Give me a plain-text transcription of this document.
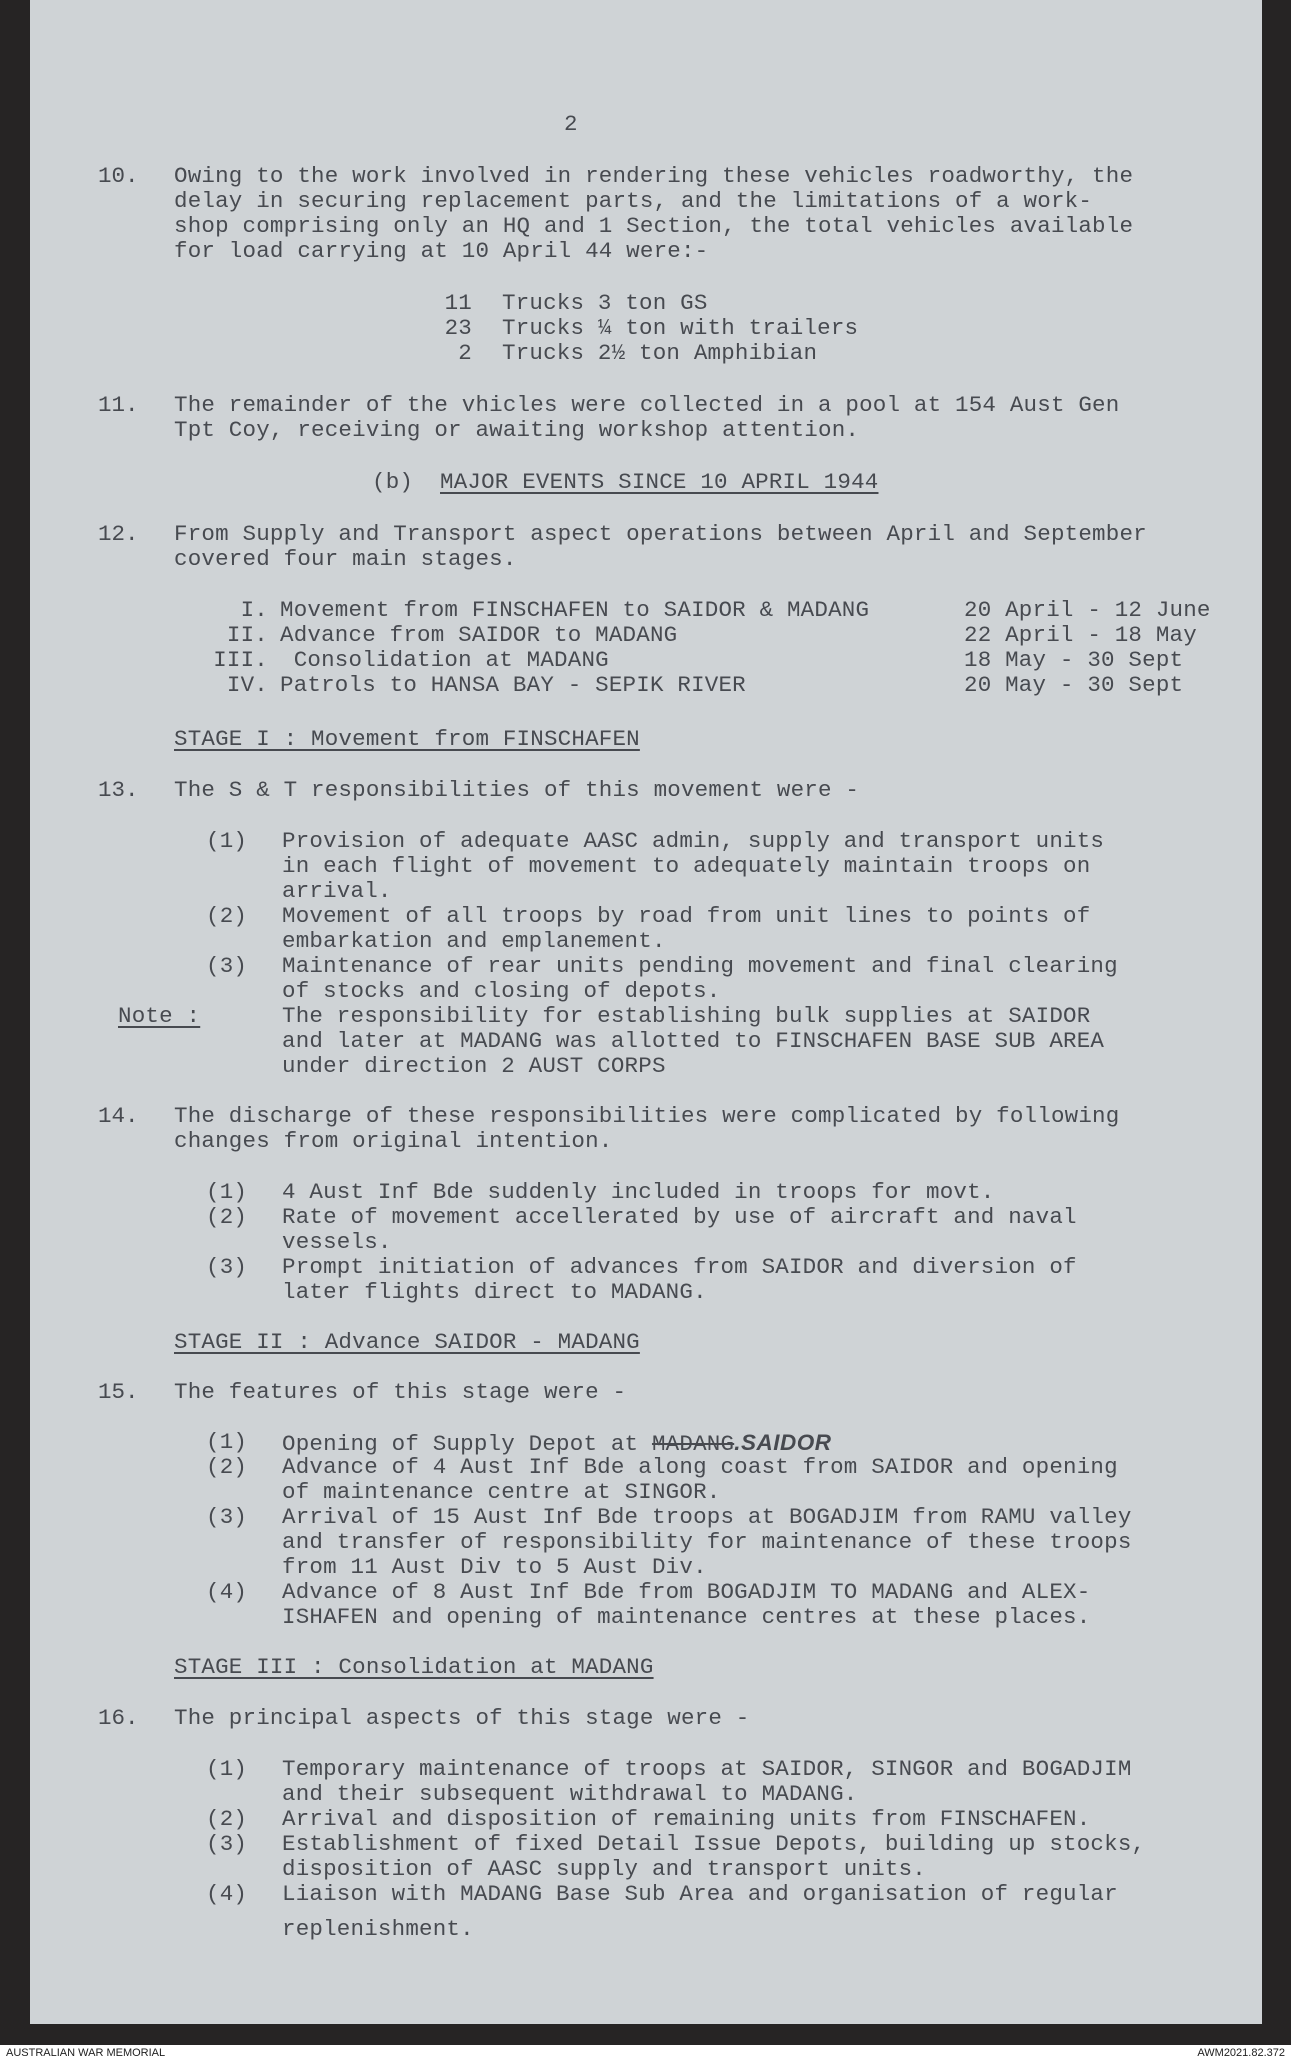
2
10. Owing to the work involved in rendering these vehicles roadworthy, the
delay in securing replacement parts, and the limitations of a work-
shop comprising only an HQ and 1 Section, the total vehicles available
for load carrying at 10 April 44 were:-
11 Trucks 3 ton GS
23 Trucks ¼ ton with trailers
2 Trucks 2½ ton Amphibian
11. The remainder of the vhicles were collected in a pool at 154 Aust Gen
Tpt Coy, receiving or awaiting workshop attention.
(b) MAJOR EVENTS SINCE 10 APRIL 1944
12. From Supply and Transport aspect operations between April and September
covered four main stages.
I. Movement from FINSCHAFEN to SAIDOR & MADANG	20 April - 12 June
II. Advance from SAIDOR to MADANG	22 April - 18 May
III. Consolidation at MADANG	18 May - 30 Sept
IV. Patrols to HANSA BAY - SEPIK RIVER	20 May - 30 Sept
STAGE I : Movement from FINSCHAFEN
13. The S & T responsibilities of this movement were -
(1) Provision of adequate AASC admin, supply and transport units
in each flight of movement to adequately maintain troops on
arrival.
(2) Movement of all troops by road from unit lines to points of
embarkation and emplanement.
(3) Maintenance of rear units pending movement and final clearing
of stocks and closing of depots.
Note :	The responsibility for establishing bulk supplies at SAIDOR
and later at MADANG was allotted to FINSCHAFEN BASE SUB AREA
under direction 2 AUST CORPS
14. The discharge of these responsibilities were complicated by following
changes from original intention.
(1) 4 Aust Inf Bde suddenly included in troops for movt.
(2) Rate of movement accellerated by use of aircraft and naval
vessels.
(3) Prompt initiation of advances from SAIDOR and diversion of
later flights direct to MADANG.
STAGE II : Advance SAIDOR - MADANG
15. The features of this stage were -
(1) Opening of Supply Depot at MADANG.SAIDOR
(2) Advance of 4 Aust Inf Bde along coast from SAIDOR and opening
of maintenance centre at SINGOR.
(3) Arrival of 15 Aust Inf Bde troops at BOGADJIM from RAMU valley
and transfer of responsibility for maintenance of these troops
from 11 Aust Div to 5 Aust Div.
(4) Advance of 8 Aust Inf Bde from BOGADJIM TO MADANG and ALEX-
ISHAFEN and opening of maintenance centres at these places.
STAGE III : Consolidation at MADANG
16. The principal aspects of this stage were -
(1) Temporary maintenance of troops at SAIDOR, SINGOR and BOGADJIM
and their subsequent withdrawal to MADANG.
(2) Arrival and disposition of remaining units from FINSCHAFEN.
(3) Establishment of fixed Detail Issue Depots, building up stocks,
disposition of AASC supply and transport units.
(4) Liaison with MADANG Base Sub Area and organisation of regular
replenishment.
AUSTRALIAN WAR MEMORIAL	AWM2021.82.372
